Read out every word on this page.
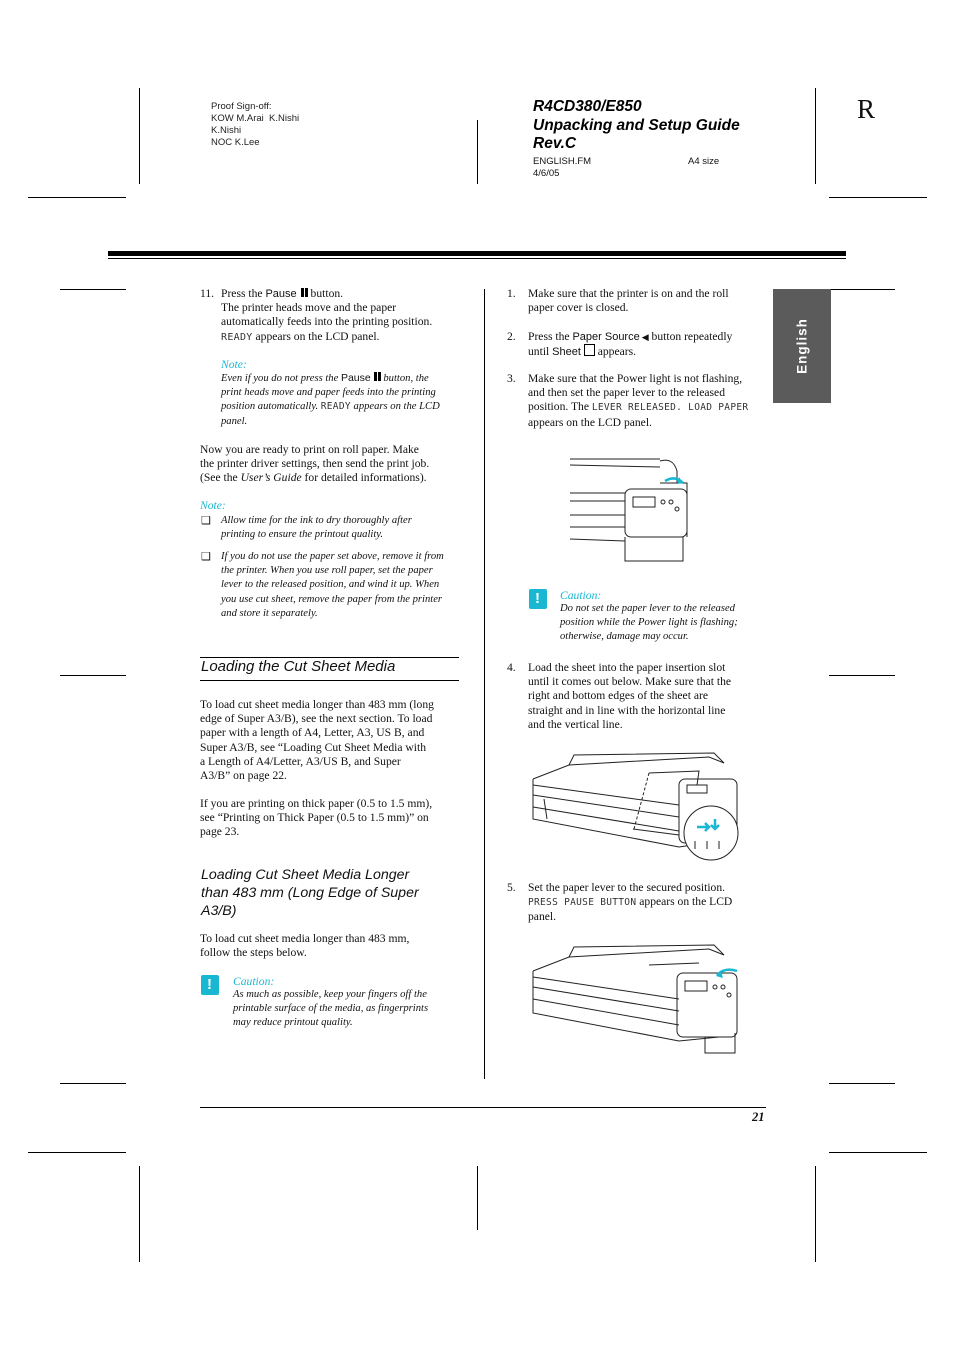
Proof Sign-off:
KOW M.Arai  K.Nishi
K.Nishi
NOC K.Lee
R4CD380/E850
Unpacking and Setup Guide
Rev.C
ENGLISH.FM	A4 size
4/6/05
R
English
11. Press the Pause button.
The printer heads move and the paper
automatically feeds into the printing position.
READY appears on the LCD panel.
Note:
Even if you do not press the Pause button, the
print heads move and paper feeds into the printing
position automatically. READY appears on the LCD
panel.
Now you are ready to print on roll paper. Make
the printer driver settings, then send the print job.
(See the User’s Guide for detailed informations).
Note:
❑ Allow time for the ink to dry thoroughly after
printing to ensure the printout quality.
❑ If you do not use the paper set above, remove it from
the printer. When you use roll paper, set the paper
lever to the released position, and wind it up. When
you use cut sheet, remove the paper from the printer
and store it separately.
Loading the Cut Sheet Media
To load cut sheet media longer than 483 mm (long
edge of Super A3/B), see the next section. To load
paper with a length of A4, Letter, A3, US B, and
Super A3/B, see “Loading Cut Sheet Media with
a Length of A4/Letter, A3/US B, and Super
A3/B” on page 22.
If you are printing on thick paper (0.5 to 1.5 mm),
see “Printing on Thick Paper (0.5 to 1.5 mm)” on
page 23.
Loading Cut Sheet Media Longer
than 483 mm (Long Edge of Super
A3/B)
To load cut sheet media longer than 483 mm,
follow the steps below.
!
Caution:
As much as possible, keep your fingers off the
printable surface of the media, as fingerprints
may reduce printout quality.
1. Make sure that the printer is on and the roll
paper cover is closed.
2. Press the Paper Source ◀ button repeatedly
until Sheet  appears.
3. Make sure that the Power light is not flashing,
and then set the paper lever to the released
position. The LEVER RELEASED. LOAD PAPER
appears on the LCD panel.
!
Caution:
Do not set the paper lever to the released
position while the Power light is flashing;
otherwise, damage may occur.
4. Load the sheet into the paper insertion slot
until it comes out below. Make sure that the
right and bottom edges of the sheet are
straight and in line with the horizontal line
and the vertical line.
5. Set the paper lever to the secured position.
PRESS PAUSE BUTTON appears on the LCD
panel.
21
